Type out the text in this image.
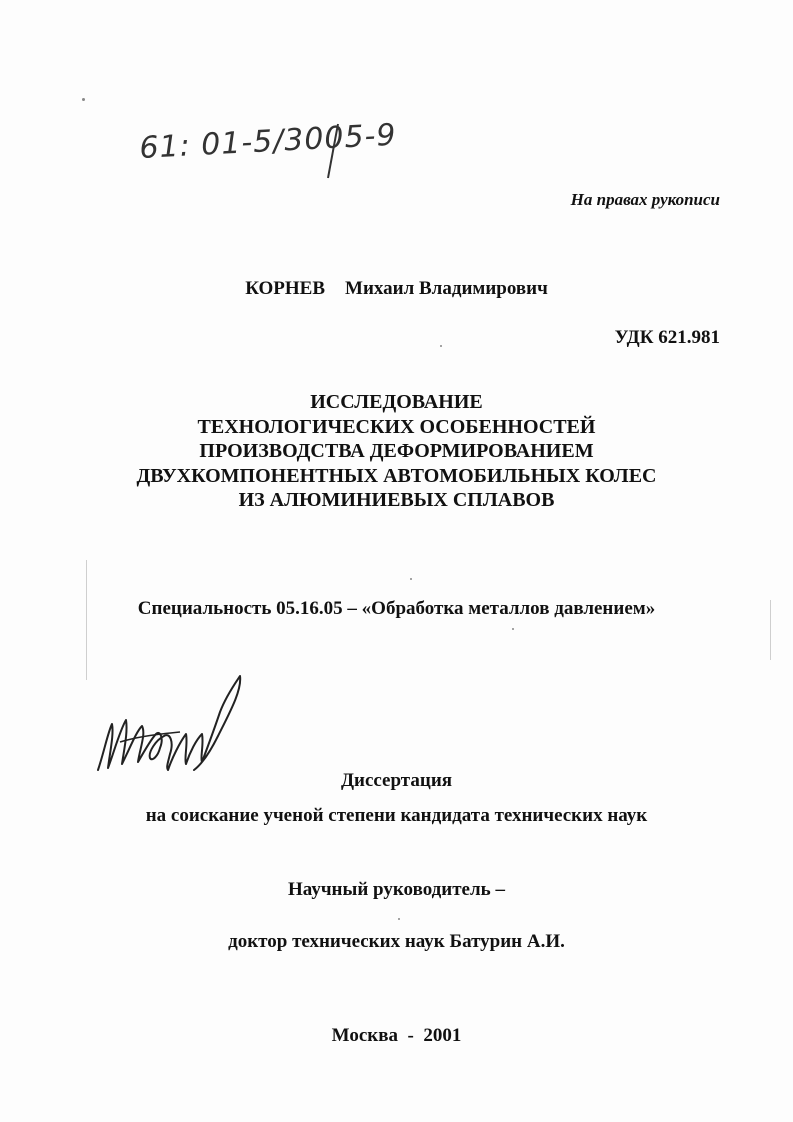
61: 01-5/3005-9
На правах рукописи
КОРНЕВ Михаил Владимирович
УДК 621.981
ИССЛЕДОВАНИЕ
ТЕХНОЛОГИЧЕСКИХ ОСОБЕННОСТЕЙ
ПРОИЗВОДСТВА ДЕФОРМИРОВАНИЕМ
ДВУХКОМПОНЕНТНЫХ АВТОМОБИЛЬНЫХ КОЛЕС
ИЗ АЛЮМИНИЕВЫХ СПЛАВОВ
Специальность 05.16.05 – «Обработка металлов давлением»
Диссертация
на соискание ученой степени кандидата технических наук
Научный руководитель –
доктор технических наук Батурин А.И.
Москва  -  2001
